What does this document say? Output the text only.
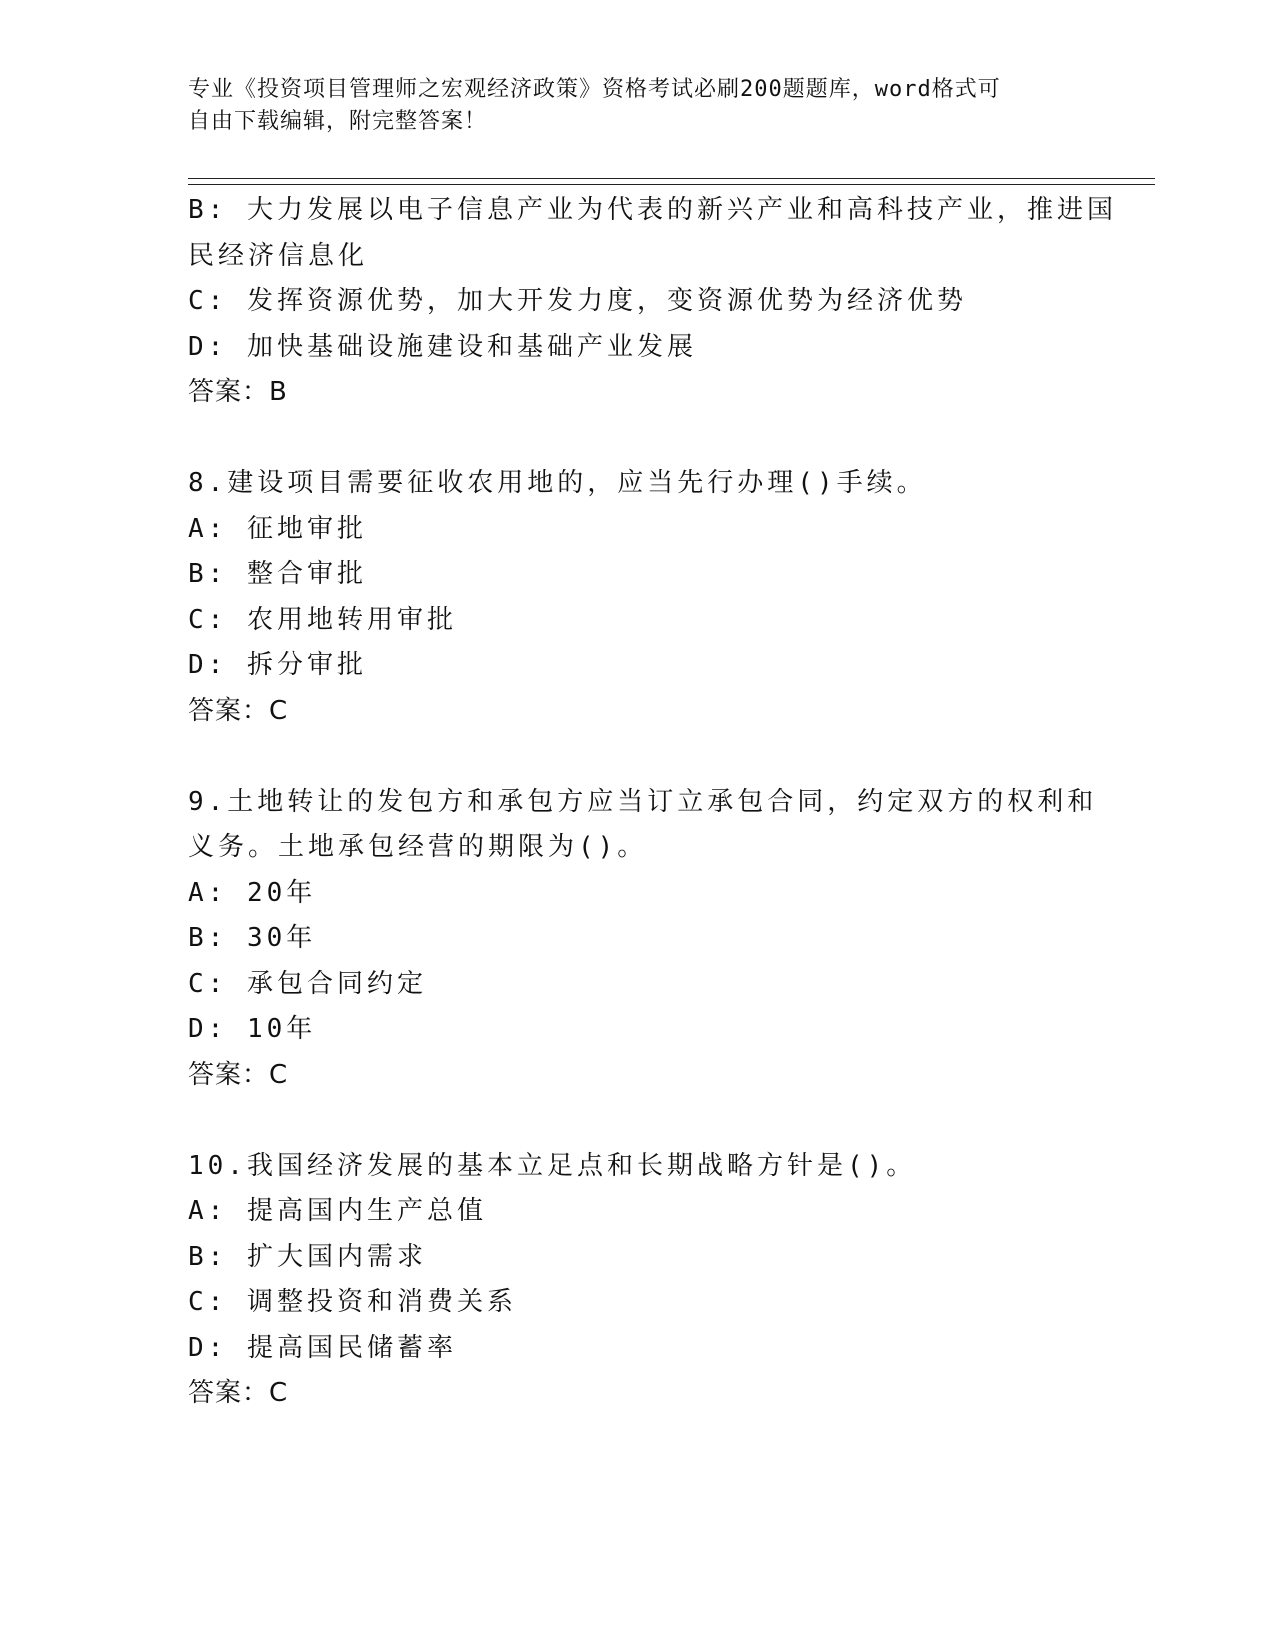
专业《投资项目管理师之宏观经济政策》资格考试必刷200题题库，word格式可
自由下载编辑，附完整答案！
B: 大力发展以电子信息产业为代表的新兴产业和高科技产业，推进国
民经济信息化
C: 发挥资源优势，加大开发力度，变资源优势为经济优势
D: 加快基础设施建设和基础产业发展
答案：B
8.建设项目需要征收农用地的，应当先行办理()手续。
A: 征地审批
B: 整合审批
C: 农用地转用审批
D: 拆分审批
答案：C
9.土地转让的发包方和承包方应当订立承包合同，约定双方的权利和
义务。土地承包经营的期限为()。
A: 20年
B: 30年
C: 承包合同约定
D: 10年
答案：C
10.我国经济发展的基本立足点和长期战略方针是()。
A: 提高国内生产总值
B: 扩大国内需求
C: 调整投资和消费关系
D: 提高国民储蓄率
答案：C
